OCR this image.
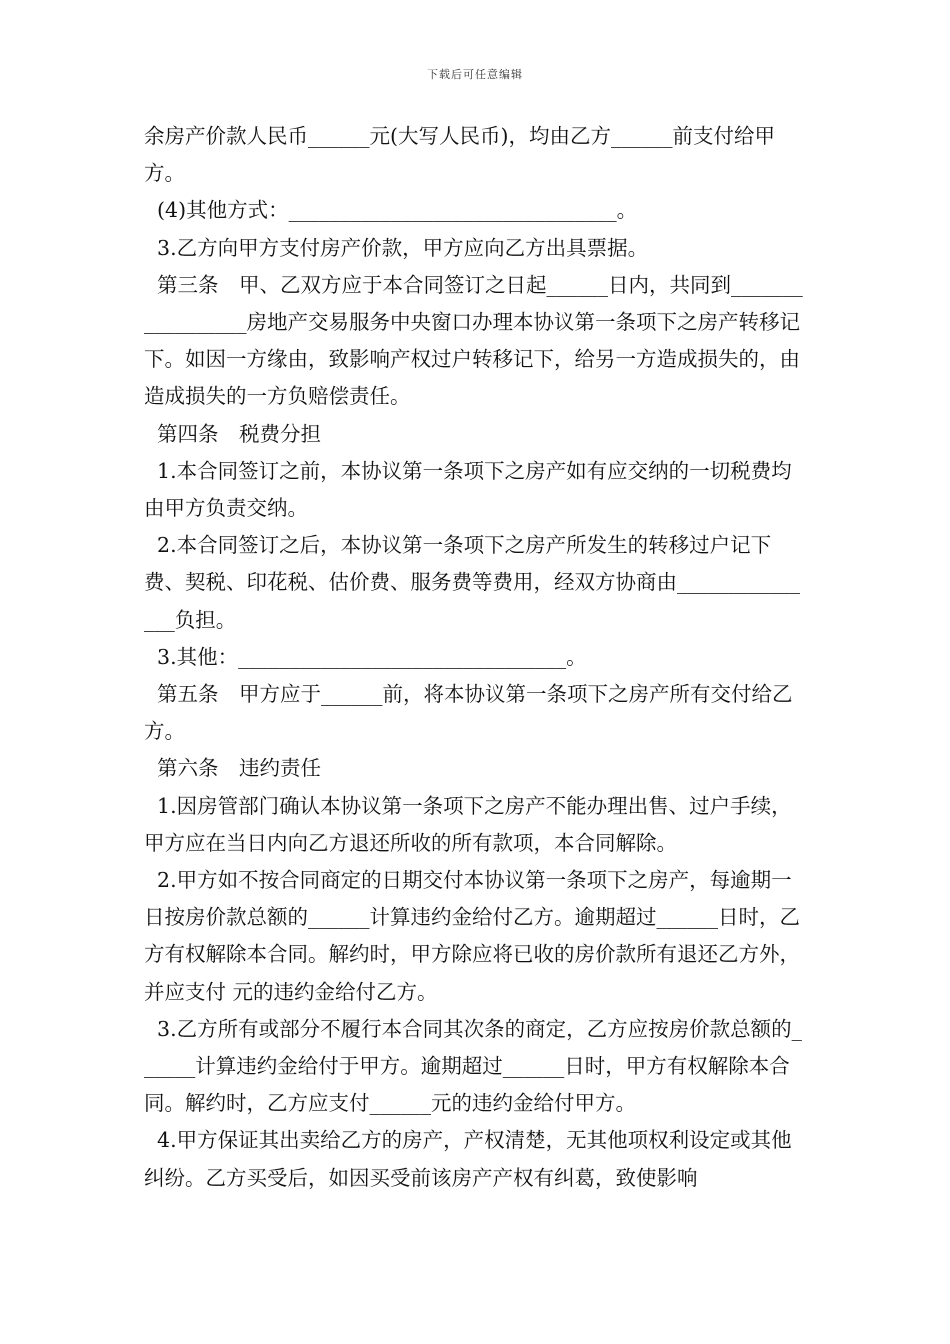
下载后可任意编辑

余房产价款人民币______元(大写人民币)，均由乙方______前支付给甲方。

(4)其他方式：________________________________。

3.乙方向甲方支付房产价款，甲方应向乙方出具票据。

第三条　甲、乙双方应于本合同签订之日起______日内，共同到_________________房地产交易服务中央窗口办理本协议第一条项下之房产转移记下。如因一方缘由，致影响产权过户转移记下，给另一方造成损失的，由造成损失的一方负赔偿责任。

第四条　税费分担

1.本合同签订之前，本协议第一条项下之房产如有应交纳的一切税费均由甲方负责交纳。

2.本合同签订之后，本协议第一条项下之房产所发生的转移过户记下费、契税、印花税、估价费、服务费等费用，经双方协商由_______________负担。

3.其他：________________________________。

第五条　甲方应于______前，将本协议第一条项下之房产所有交付给乙方。

第六条　违约责任

1.因房管部门确认本协议第一条项下之房产不能办理出售、过户手续，甲方应在当日内向乙方退还所收的所有款项，本合同解除。

2.甲方如不按合同商定的日期交付本协议第一条项下之房产，每逾期一日按房价款总额的______计算违约金给付乙方。逾期超过______日时，乙方有权解除本合同。解约时，甲方除应将已收的房价款所有退还乙方外，并应支付 元的违约金给付乙方。

3.乙方所有或部分不履行本合同其次条的商定，乙方应按房价款总额的______计算违约金给付于甲方。逾期超过______日时，甲方有权解除本合同。解约时，乙方应支付______元的违约金给付甲方。

4.甲方保证其出卖给乙方的房产，产权清楚，无其他项权利设定或其他纠纷。乙方买受后，如因买受前该房产产权有纠葛，致使影响
